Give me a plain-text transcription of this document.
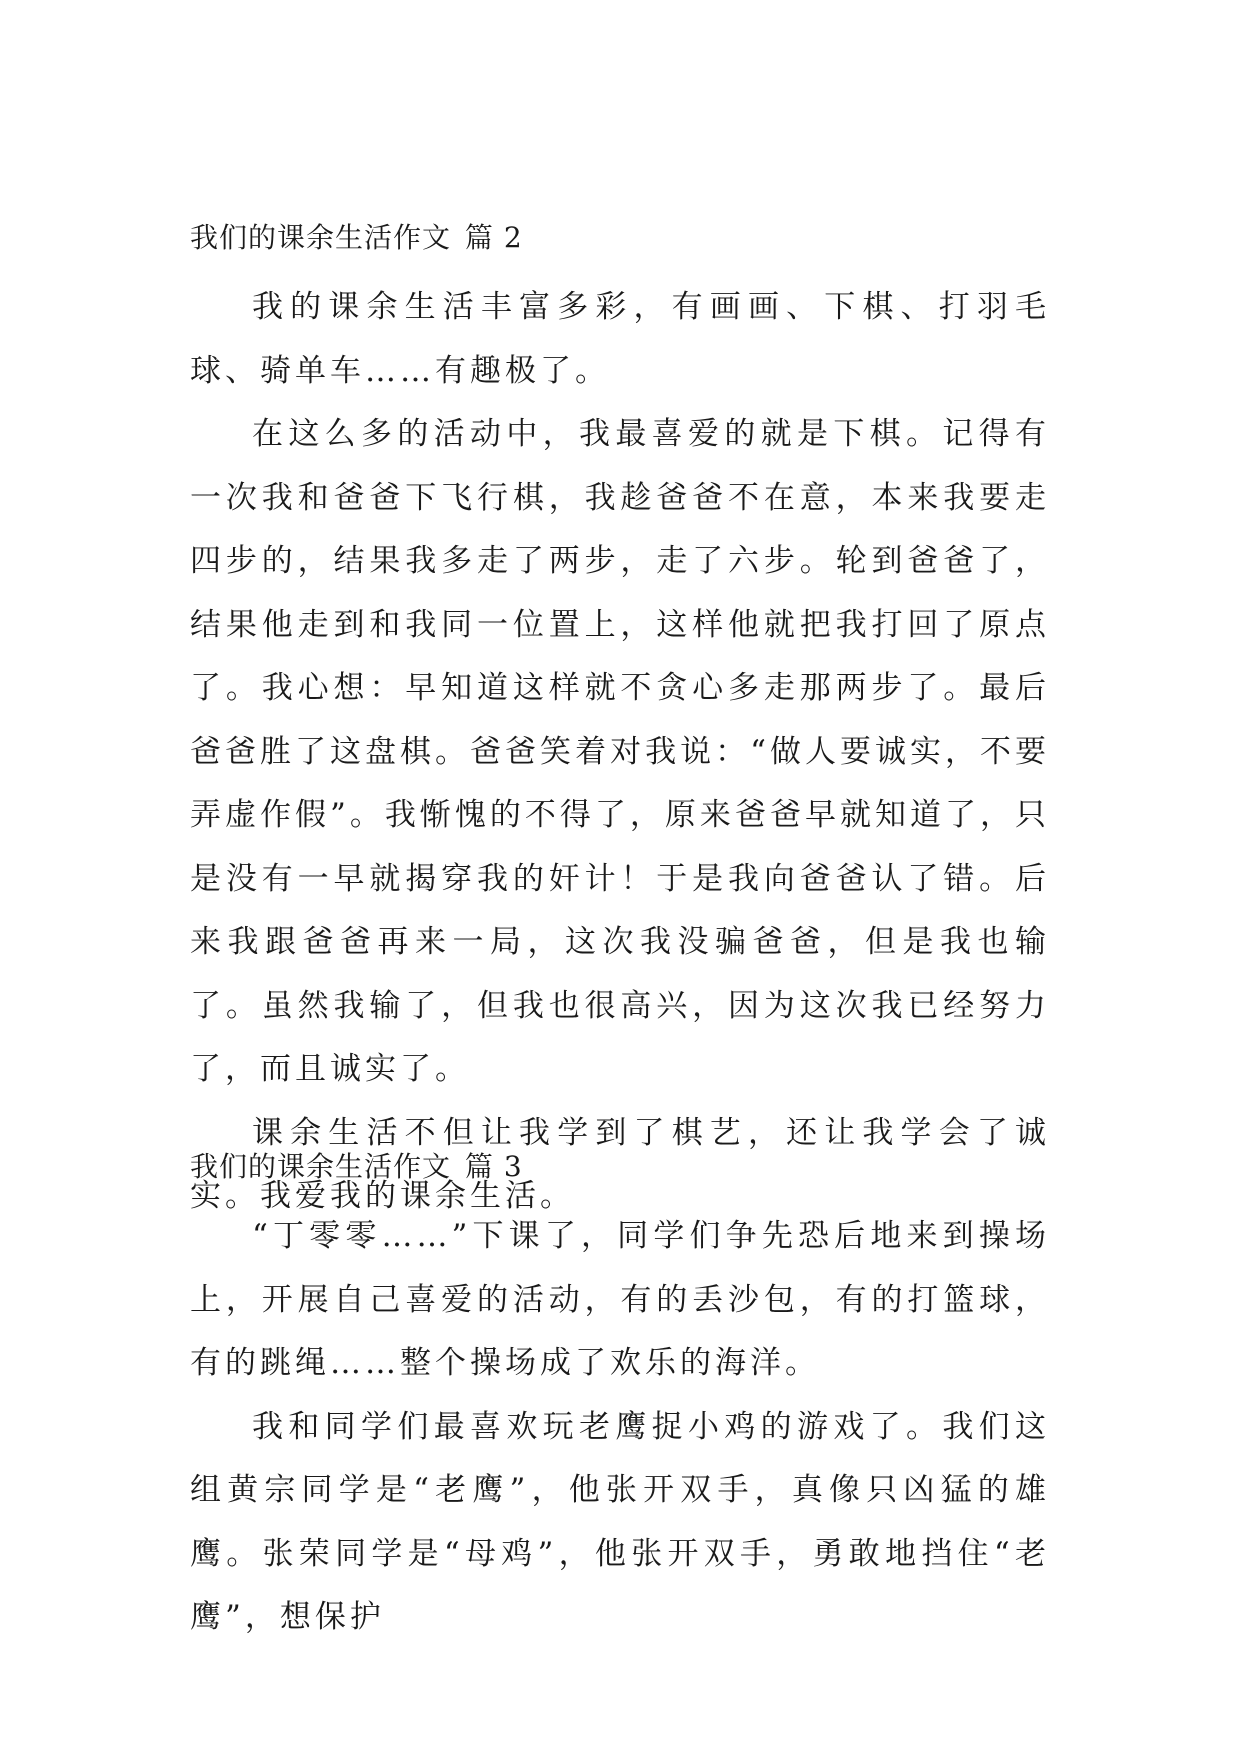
我们的课余生活作文 篇 2

我的课余生活丰富多彩，有画画、下棋、打羽毛球、骑单车……有趣极了。

在这么多的活动中，我最喜爱的就是下棋。记得有一次我和爸爸下飞行棋，我趁爸爸不在意，本来我要走四步的，结果我多走了两步，走了六步。轮到爸爸了，结果他走到和我同一位置上，这样他就把我打回了原点了。我心想：早知道这样就不贪心多走那两步了。最后爸爸胜了这盘棋。爸爸笑着对我说：“做人要诚实，不要弄虚作假”。我惭愧的不得了，原来爸爸早就知道了，只是没有一早就揭穿我的奸计！于是我向爸爸认了错。后来我跟爸爸再来一局，这次我没骗爸爸，但是我也输了。虽然我输了，但我也很高兴，因为这次我已经努力了，而且诚实了。

课余生活不但让我学到了棋艺，还让我学会了诚实。我爱我的课余生活。

我们的课余生活作文 篇 3

“丁零零……”下课了，同学们争先恐后地来到操场上，开展自己喜爱的活动，有的丢沙包，有的打篮球，有的跳绳……整个操场成了欢乐的海洋。

我和同学们最喜欢玩老鹰捉小鸡的游戏了。我们这组黄宗同学是“老鹰”，他张开双手，真像只凶猛的雄鹰。张荣同学是“母鸡”，他张开双手，勇敢地挡住“老鹰”，想保护
